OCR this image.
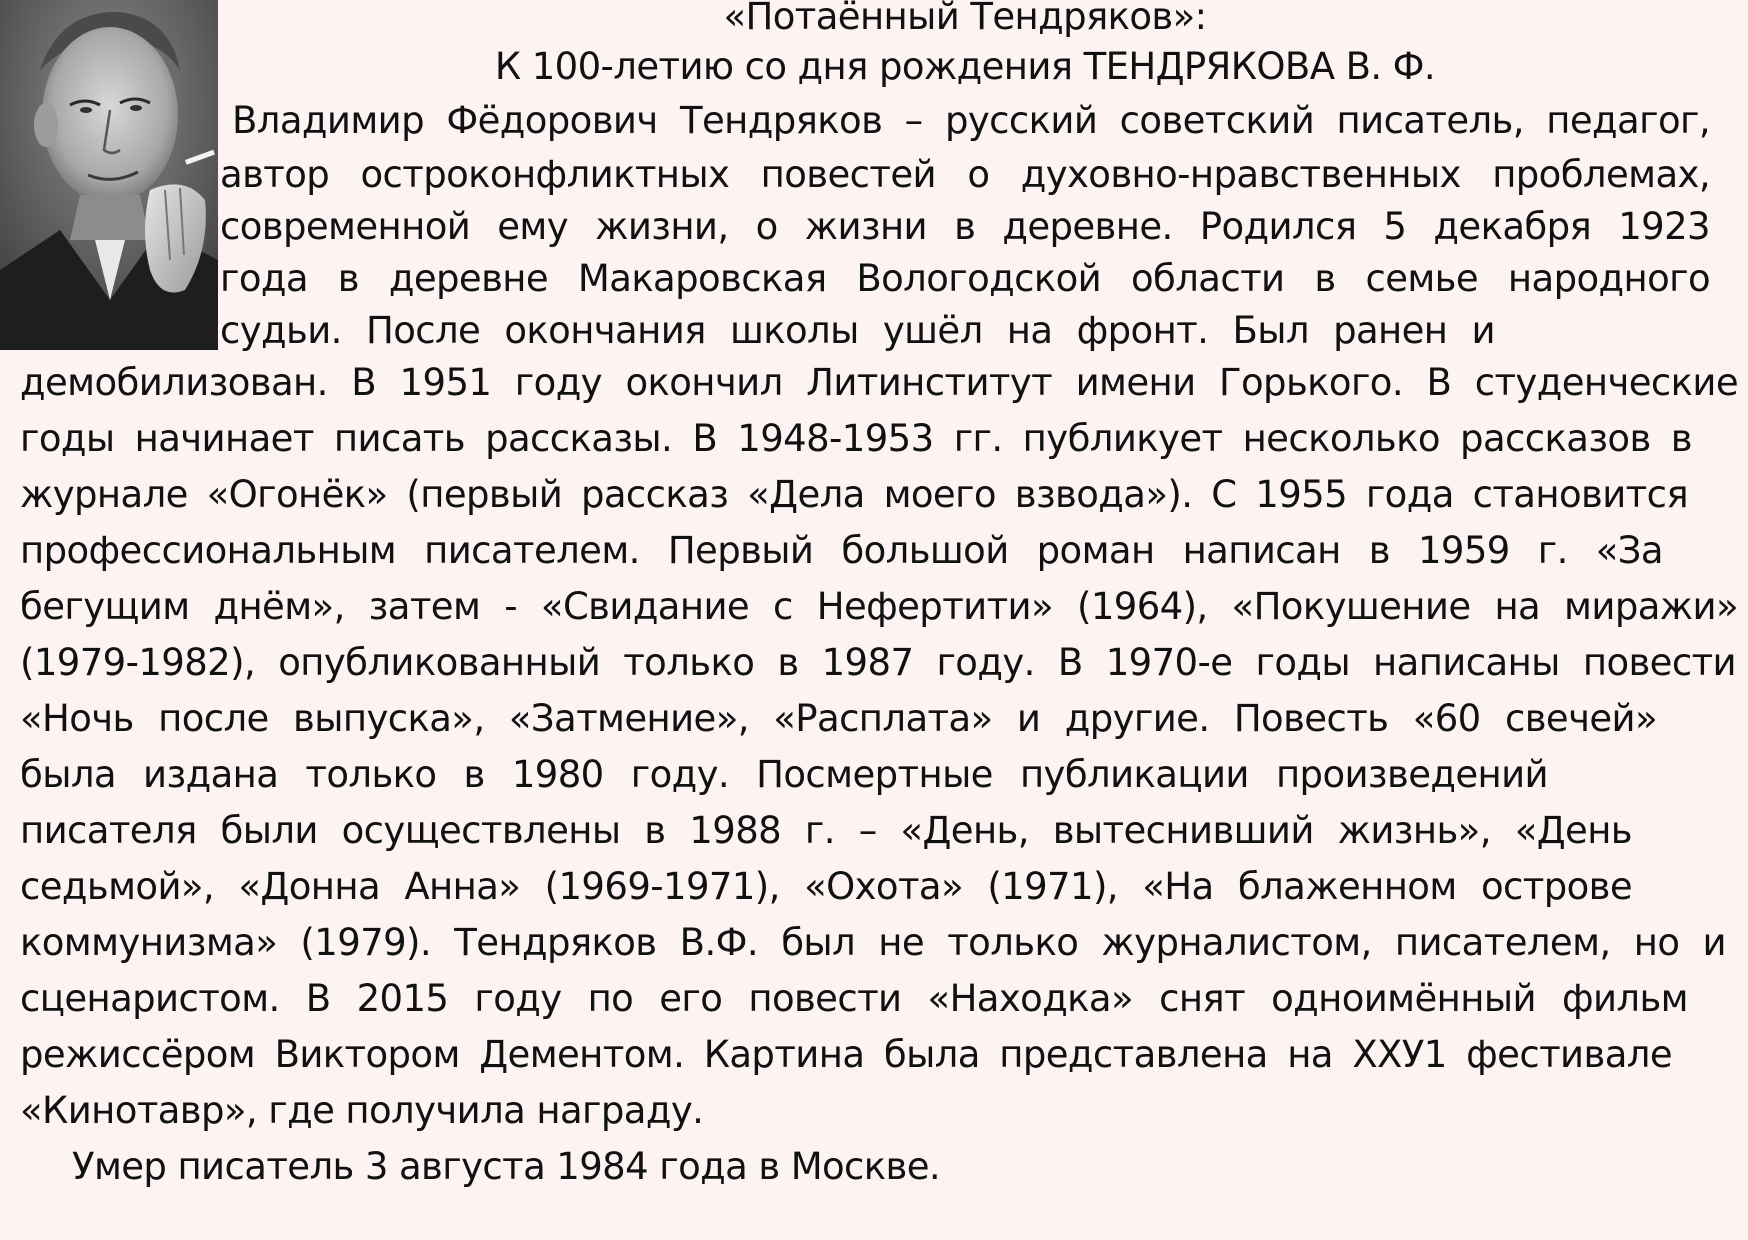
«Потаённый Тендряков»:
К 100-летию со дня рождения ТЕНДРЯКОВА В. Ф.
Владимир Фёдорович Тендряков – русский советский писатель, педагог,
автор остроконфликтных повестей о духовно-нравственных проблемах,
современной ему жизни, о жизни в деревне. Родился 5 декабря 1923
года в деревне Макаровская Вологодской области в семье народного
судьи. После окончания школы ушёл на фронт. Был ранен и
демобилизован. В 1951 году окончил Литинститут имени Горького. В студенческие
годы начинает писать рассказы. В 1948-1953 гг. публикует несколько рассказов в
журнале «Огонёк» (первый рассказ «Дела моего взвода»). С 1955 года становится
профессиональным писателем. Первый большой роман написан в 1959 г. «За
бегущим днём», затем - «Свидание с Нефертити» (1964), «Покушение на миражи»
(1979-1982), опубликованный только в 1987 году. В 1970-е годы написаны повести
«Ночь после выпуска», «Затмение», «Расплата» и другие. Повесть «60 свечей»
была издана только в 1980 году. Посмертные публикации произведений
писателя были осуществлены в 1988 г. – «День, вытеснивший жизнь», «День
седьмой», «Донна Анна» (1969-1971), «Охота» (1971), «На блаженном острове
коммунизма» (1979). Тендряков В.Ф. был не только журналистом, писателем, но и
сценаристом. В 2015 году по его повести «Находка» снят одноимённый фильм
режиссёром Виктором Дементом. Картина была представлена на ХХУ1 фестивале
«Кинотавр», где получила награду.
Умер писатель 3 августа 1984 года в Москве.
